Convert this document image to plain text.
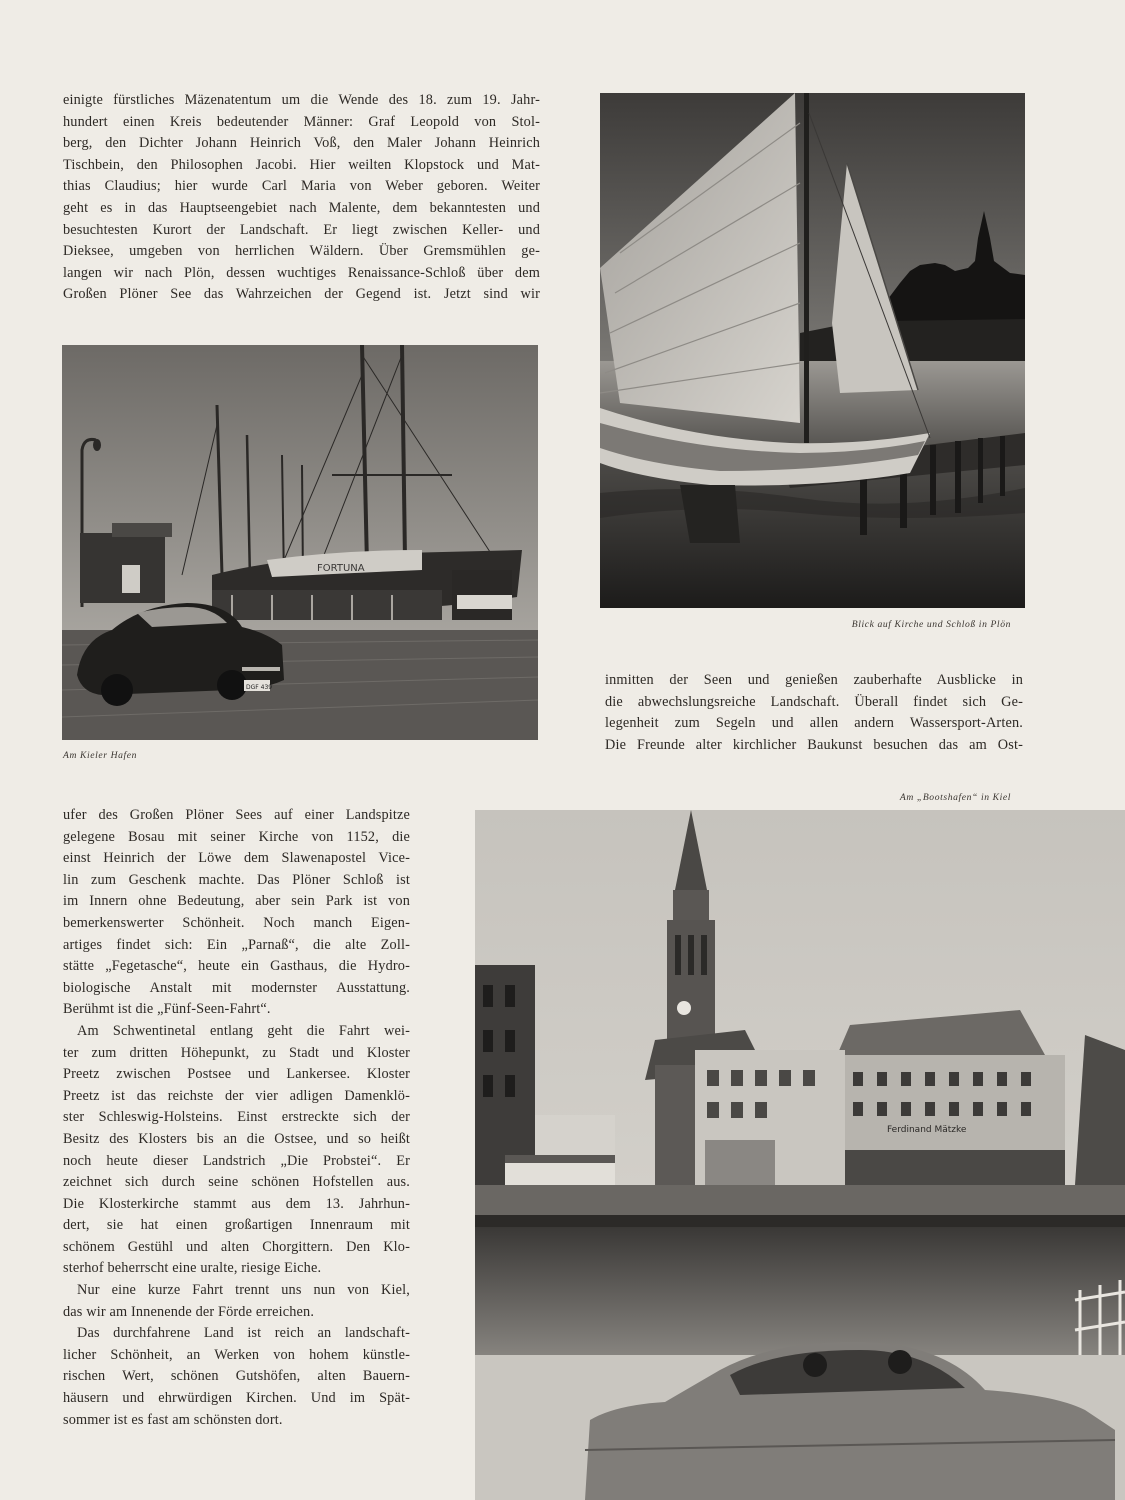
einigte fürstliches Mäzenatentum um die Wende des 18. zum 19. Jahr-
hundert einen Kreis bedeutender Männer: Graf Leopold von Stol-
berg, den Dichter Johann Heinrich Voß, den Maler Johann Heinrich
Tischbein, den Philosophen Jacobi. Hier weilten Klopstock und Mat-
thias Claudius; hier wurde Carl Maria von Weber geboren. Weiter
geht es in das Hauptseengebiet nach Malente, dem bekanntesten und
besuchtesten Kurort der Landschaft. Er liegt zwischen Keller- und
Dieksee, umgeben von herrlichen Wäldern. Über Gremsmühlen ge-
langen wir nach Plön, dessen wuchtiges Renaissance-Schloß über dem
Großen Plöner See das Wahrzeichen der Gegend ist. Jetzt sind wir

Blick auf Kirche und Schloß in Plön
FORTUNA
DGF 439
Am Kieler Hafen

inmitten der Seen und genießen zauberhafte Ausblicke in
die abwechslungsreiche Landschaft. Überall findet sich Ge-
legenheit zum Segeln und allen andern Wassersport-Arten.
Die Freunde alter kirchlicher Baukunst besuchen das am Ost-

Am „Bootshafen“ in Kiel

ufer des Großen Plöner Sees auf einer Landspitze
gelegene Bosau mit seiner Kirche von 1152, die
einst Heinrich der Löwe dem Slawenapostel Vice-
lin zum Geschenk machte. Das Plöner Schloß ist
im Innern ohne Bedeutung, aber sein Park ist von
bemerkenswerter Schönheit. Noch manch Eigen-
artiges findet sich: Ein „Parnaß“, die alte Zoll-
stätte „Fegetasche“, heute ein Gasthaus, die Hydro-
biologische Anstalt mit modernster Ausstattung.
Berühmt ist die „Fünf-Seen-Fahrt“.

Am Schwentinetal entlang geht die Fahrt wei-
ter zum dritten Höhepunkt, zu Stadt und Kloster
Preetz zwischen Postsee und Lankersee. Kloster
Preetz ist das reichste der vier adligen Damenklö-
ster Schleswig-Holsteins. Einst erstreckte sich der
Besitz des Klosters bis an die Ostsee, und so heißt
noch heute dieser Landstrich „Die Probstei“. Er
zeichnet sich durch seine schönen Hofstellen aus.
Die Klosterkirche stammt aus dem 13. Jahrhun-
dert, sie hat einen großartigen Innenraum mit
schönem Gestühl und alten Chorgittern. Den Klo-
sterhof beherrscht eine uralte, riesige Eiche.

Nur eine kurze Fahrt trennt uns nun von Kiel,
das wir am Innenende der Förde erreichen.

Das durchfahrene Land ist reich an landschaft-
licher Schönheit, an Werken von hohem künstle-
rischen Wert, schönen Gutshöfen, alten Bauern-
häusern und ehrwürdigen Kirchen. Und im Spät-
sommer ist es fast am schönsten dort.

Ferdinand Mätzke
